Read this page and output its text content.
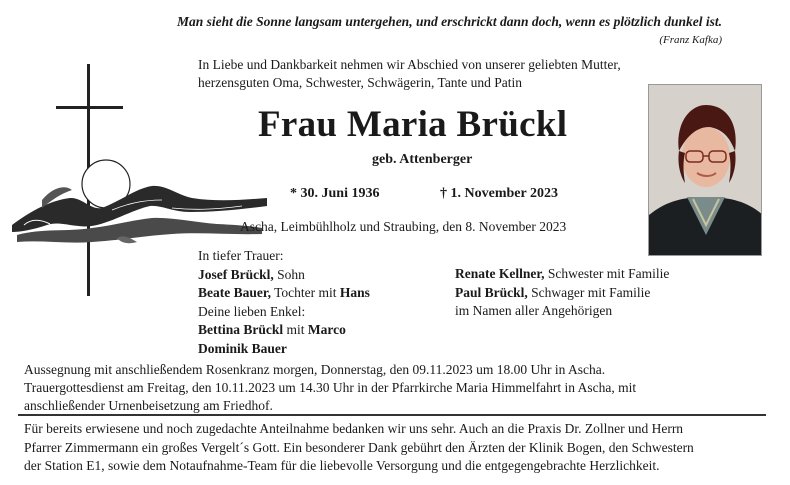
Man sieht die Sonne langsam untergehen, und erschrickt dann doch, wenn es plötzlich dunkel ist.
(Franz Kafka)
In Liebe und Dankbarkeit nehmen wir Abschied von unserer geliebten Mutter,
herzensguten Oma, Schwester, Schwägerin, Tante und Patin
Frau Maria Brückl
geb. Attenberger
* 30. Juni 1936	† 1. November 2023
Ascha, Leimbühlholz und Straubing, den 8. November 2023
In tiefer Trauer:
Josef Brückl, Sohn
Beate Bauer, Tochter mit Hans
Deine lieben Enkel:
Bettina Brückl mit Marco
Dominik Bauer
Renate Kellner, Schwester mit Familie
Paul Brückl, Schwager mit Familie
im Namen aller Angehörigen
Aussegnung mit anschließendem Rosenkranz morgen, Donnerstag, den 09.11.2023 um 18.00 Uhr in Ascha.
Trauergottesdienst am Freitag, den 10.11.2023 um 14.30 Uhr in der Pfarrkirche Maria Himmelfahrt in Ascha, mit
anschließender Urnenbeisetzung am Friedhof.
Für bereits erwiesene und noch zugedachte Anteilnahme bedanken wir uns sehr. Auch an die Praxis Dr. Zollner und Herrn
Pfarrer Zimmermann ein großes Vergelt´s Gott. Ein besonderer Dank gebührt den Ärzten der Klinik Bogen, den Schwestern
der Station E1, sowie dem Notaufnahme-Team für die liebevolle Versorgung und die entgegengebrachte Herzlichkeit.
